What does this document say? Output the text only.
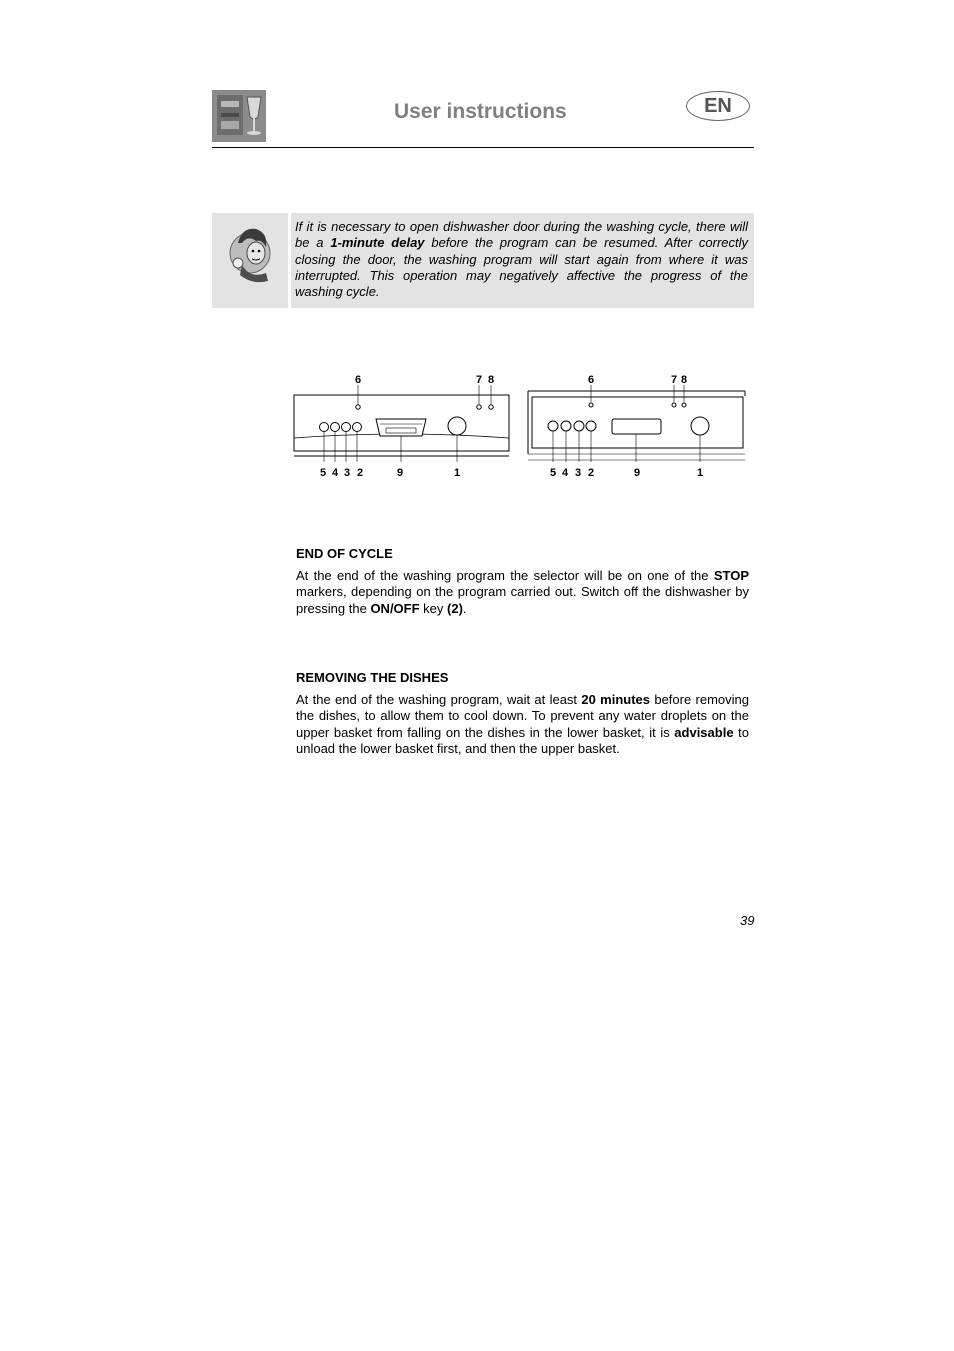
User instructions	EN
If it is necessary to open dishwasher door during the washing cycle, there will be a 1-minute delay before the program can be resumed. After correctly closing the door, the washing program will start again from where it was interrupted. This operation may negatively affective the progress of the washing cycle.
6	7 8
5 4 3 2	9	1
6	7 8
5 4 3 2	9	1
END OF CYCLE
At the end of the washing program the selector will be on one of the STOP markers, depending on the program carried out. Switch off the dishwasher by pressing the ON/OFF key (2).
REMOVING THE DISHES
At the end of the washing program, wait at least 20 minutes before removing the dishes, to allow them to cool down. To prevent any water droplets on the upper basket from falling on the dishes in the lower basket, it is advisable to unload the lower basket first, and then the upper basket.
39
